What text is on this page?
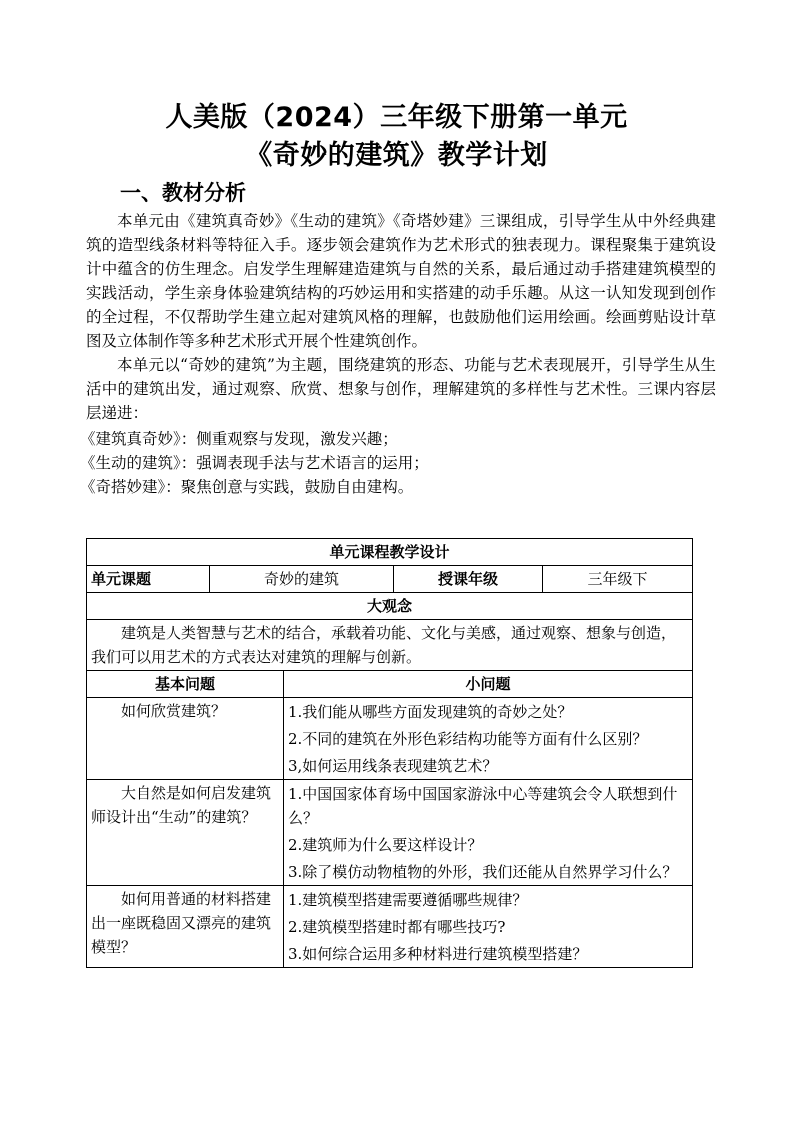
人美版（2024）三年级下册第一单元
《奇妙的建筑》教学计划
一、教材分析
本单元由《建筑真奇妙》《生动的建筑》《奇塔妙建》三课组成，引导学生从中外经典建筑的造型线条材料等特征入手。逐步领会建筑作为艺术形式的独表现力。课程聚集于建筑设计中蕴含的仿生理念。启发学生理解建造建筑与自然的关系，最后通过动手搭建建筑模型的实践活动，学生亲身体验建筑结构的巧妙运用和实搭建的动手乐趣。从这一认知发现到创作的全过程，不仅帮助学生建立起对建筑风格的理解，也鼓励他们运用绘画。绘画剪贴设计草图及立体制作等多种艺术形式开展个性建筑创作。
本单元以“奇妙的建筑”为主题，围绕建筑的形态、功能与艺术表现展开，引导学生从生活中的建筑出发，通过观察、欣赏、想象与创作，理解建筑的多样性与艺术性。三课内容层层递进：
《建筑真奇妙》：侧重观察与发现，激发兴趣；
《生动的建筑》：强调表现手法与艺术语言的运用；
《奇搭妙建》：聚焦创意与实践，鼓励自由建构。
单元课程教学设计				
单元课题	奇妙的建筑		授课年级	三年级下
大观念				
建筑是人类智慧与艺术的结合，承载着功能、文化与美感，通过观察、想象与创造，我们可以用艺术的方式表达对建筑的理解与创新。				
基本问题		小问题		
如何欣赏建筑？		1.我们能从哪些方面发现建筑的奇妙之处？
2.不同的建筑在外形色彩结构功能等方面有什么区别？
3,如何运用线条表现建筑艺术？		

大自然是如何启发建筑师设计出“生动”的建筑？		1.中国国家体育场中国国家游泳中心等建筑会令人联想到什么？
2.建筑师为什么要这样设计？
3.除了模仿动物植物的外形，我们还能从自然界学习什么？		

如何用普通的材料搭建出一座既稳固又漂亮的建筑模型？		1.建筑模型搭建需要遵循哪些规律？
2.建筑模型搭建时都有哪些技巧?
3.如何综合运用多种材料进行建筑模型搭建？		
